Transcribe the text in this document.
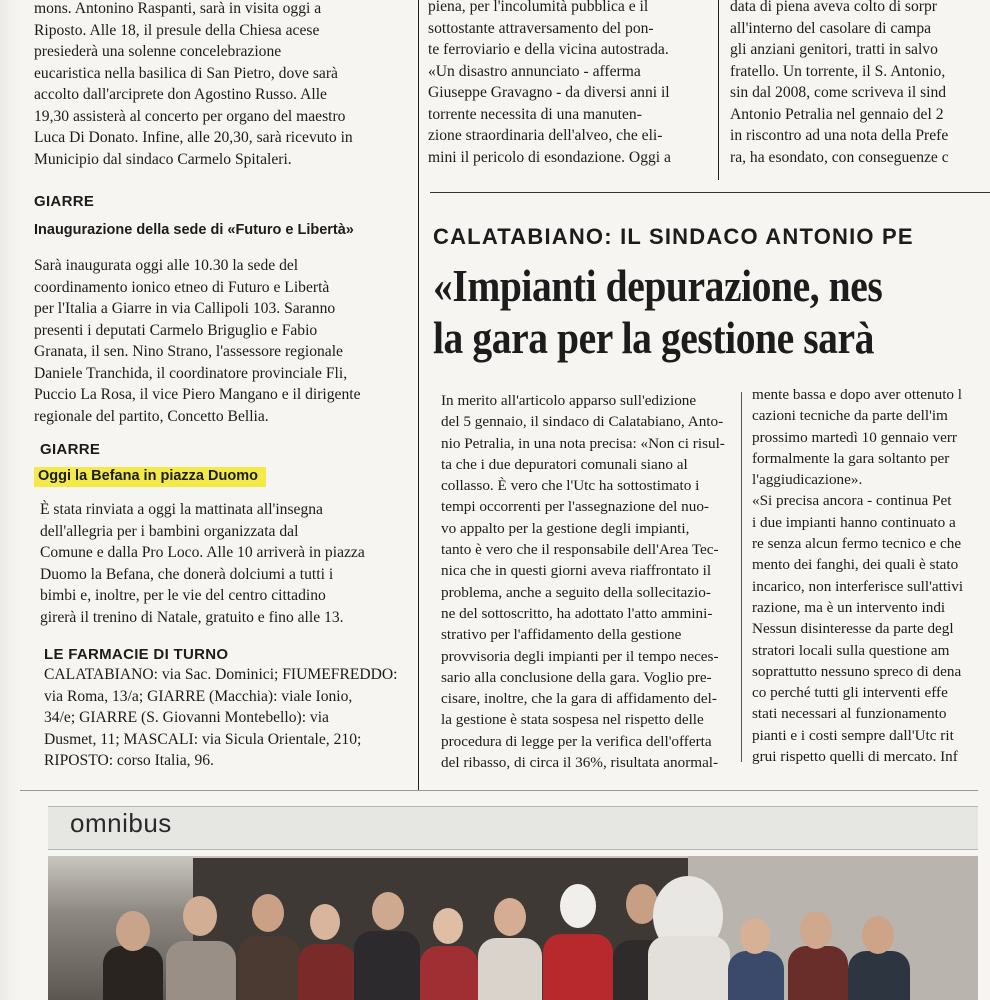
mons. Antonino Raspanti, sarà in visita oggi a
Riposto. Alle 18, il presule della Chiesa acese
presiederà una solenne concelebrazione
eucaristica nella basilica di San Pietro, dove sarà
accolto dall'arciprete don Agostino Russo. Alle
19,30 assisterà al concerto per organo del maestro
Luca Di Donato. Infine, alle 20,30, sarà ricevuto in
Municipio dal sindaco Carmelo Spitaleri.
GIARRE
Inaugurazione della sede di «Futuro e Libertà»
Sarà inaugurata oggi alle 10.30 la sede del
coordinamento ionico etneo di Futuro e Libertà
per l'Italia a Giarre in via Callipoli 103. Saranno
presenti i deputati Carmelo Briguglio e Fabio
Granata, il sen. Nino Strano, l'assessore regionale
Daniele Tranchida, il coordinatore provinciale Fli,
Puccio La Rosa, il vice Piero Mangano e il dirigente
regionale del partito, Concetto Bellia.
GIARRE
Oggi la Befana in piazza Duomo
È stata rinviata a oggi la mattinata all'insegna
dell'allegria per i bambini organizzata dal
Comune e dalla Pro Loco. Alle 10 arriverà in piazza
Duomo la Befana, che donerà dolciumi a tutti i
bimbi e, inoltre, per le vie del centro cittadino
girerà il trenino di Natale, gratuito e fino alle 13.
LE FARMACIE DI TURNO
CALATABIANO: via Sac. Dominici; FIUMEFREDDO:
via Roma, 13/a; GIARRE (Macchia): viale Ionio,
34/e; GIARRE (S. Giovanni Montebello): via
Dusmet, 11; MASCALI: via Sicula Orientale, 210;
RIPOSTO: corso Italia, 96.
piena, per l'incolumità pubblica e il
sottostante attraversamento del pon-
te ferroviario e della vicina autostrada.
«Un disastro annunciato - afferma
Giuseppe Gravagno - da diversi anni il
torrente necessita di una manuten-
zione straordinaria dell'alveo, che eli-
mini il pericolo di esondazione. Oggi a
data di piena aveva colto di sorpr
all'interno del casolare di campa
gli anziani genitori, tratti in salvo
fratello. Un torrente, il S. Antonio,
sin dal 2008, come scriveva il sind
Antonio Petralia nel gennaio del 2
in riscontro ad una nota della Prefe
ra, ha esondato, con conseguenze c
CALATABIANO: IL SINDACO ANTONIO PE
«Impianti depurazione, nes
la gara per la gestione sarà
In merito all'articolo apparso sull'edizione
del 5 gennaio, il sindaco di Calatabiano, Anto-
nio Petralia, in una nota precisa: «Non ci risul-
ta che i due depuratori comunali siano al
collasso. È vero che l'Utc ha sottostimato i
tempi occorrenti per l'assegnazione del nuo-
vo appalto per la gestione degli impianti,
tanto è vero che il responsabile dell'Area Tec-
nica che in questi giorni aveva riaffrontato il
problema, anche a seguito della sollecitazio-
ne del sottoscritto, ha adottato l'atto ammini-
strativo per l'affidamento della gestione
provvisoria degli impianti per il tempo neces-
sario alla conclusione della gara. Voglio pre-
cisare, inoltre, che la gara di affidamento del-
la gestione è stata sospesa nel rispetto delle
procedura di legge per la verifica dell'offerta
del ribasso, di circa il 36%, risultata anormal-
mente bassa e dopo aver ottenuto l
cazioni tecniche da parte dell'im
prossimo martedì 10 gennaio verr
formalmente la gara soltanto per
l'aggiudicazione».
«Si precisa ancora - continua Pet
i due impianti hanno continuato a
re senza alcun fermo tecnico e che
mento dei fanghi, dei quali è stato
incarico, non interferisce sull'attivi
razione, ma è un intervento indi
Nessun disinteresse da parte degl
stratori locali sulla questione am
soprattutto nessuno spreco di dena
co perché tutti gli interventi effe
stati necessari al funzionamento
pianti e i costi sempre dall'Utc rit
grui rispetto quelli di mercato. Inf
omnibus
